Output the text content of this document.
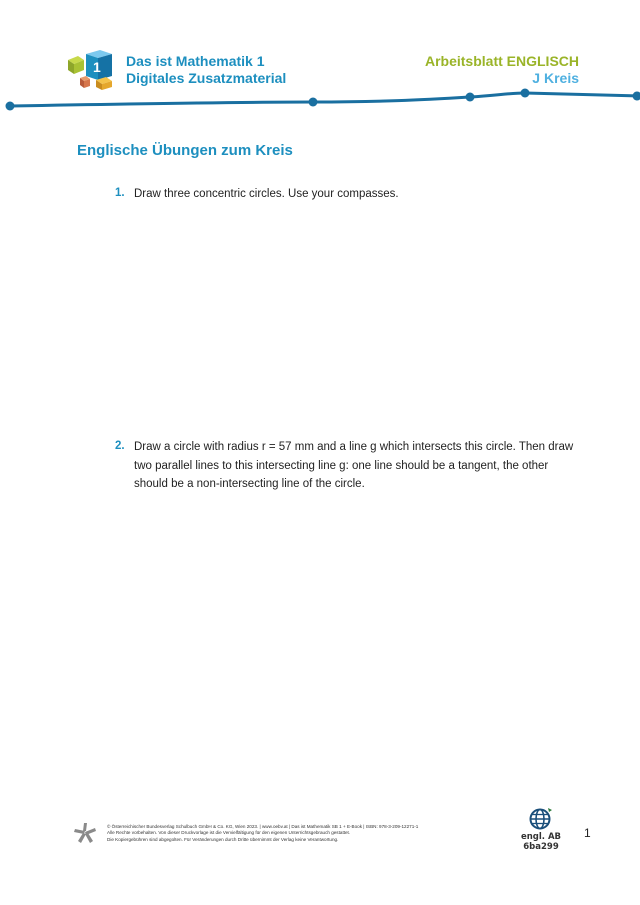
1 Das ist Mathematik 1
Digitales Zusatzmaterial
Arbeitsblatt ENGLISCH
J Kreis
Englische Übungen zum Kreis
1. Draw three concentric circles. Use your compasses.
2. Draw a circle with radius r = 57 mm and a line g which intersects this circle. Then draw two parallel lines to this intersecting line g: one line should be a tangent, the other should be a non-intersecting line of the circle.
© Österreichischer Bundesverlag Schulbuch GmbH & Co. KG, Wien 2023. | www.oebv.at | Das ist Mathematik SB 1 + E-Book | ISBN: 978-3-209-12271-1
Alle Rechte vorbehalten. Von dieser Druckvorlage ist die Vervielfältigung für den eigenen Unterrichtsgebrauch gestattet.
Die Kopiergebühren sind abgegolten. Für Veränderungen durch Dritte übernimmt der Verlag keine Verantwortung.	engl. AB
6ba299
1
